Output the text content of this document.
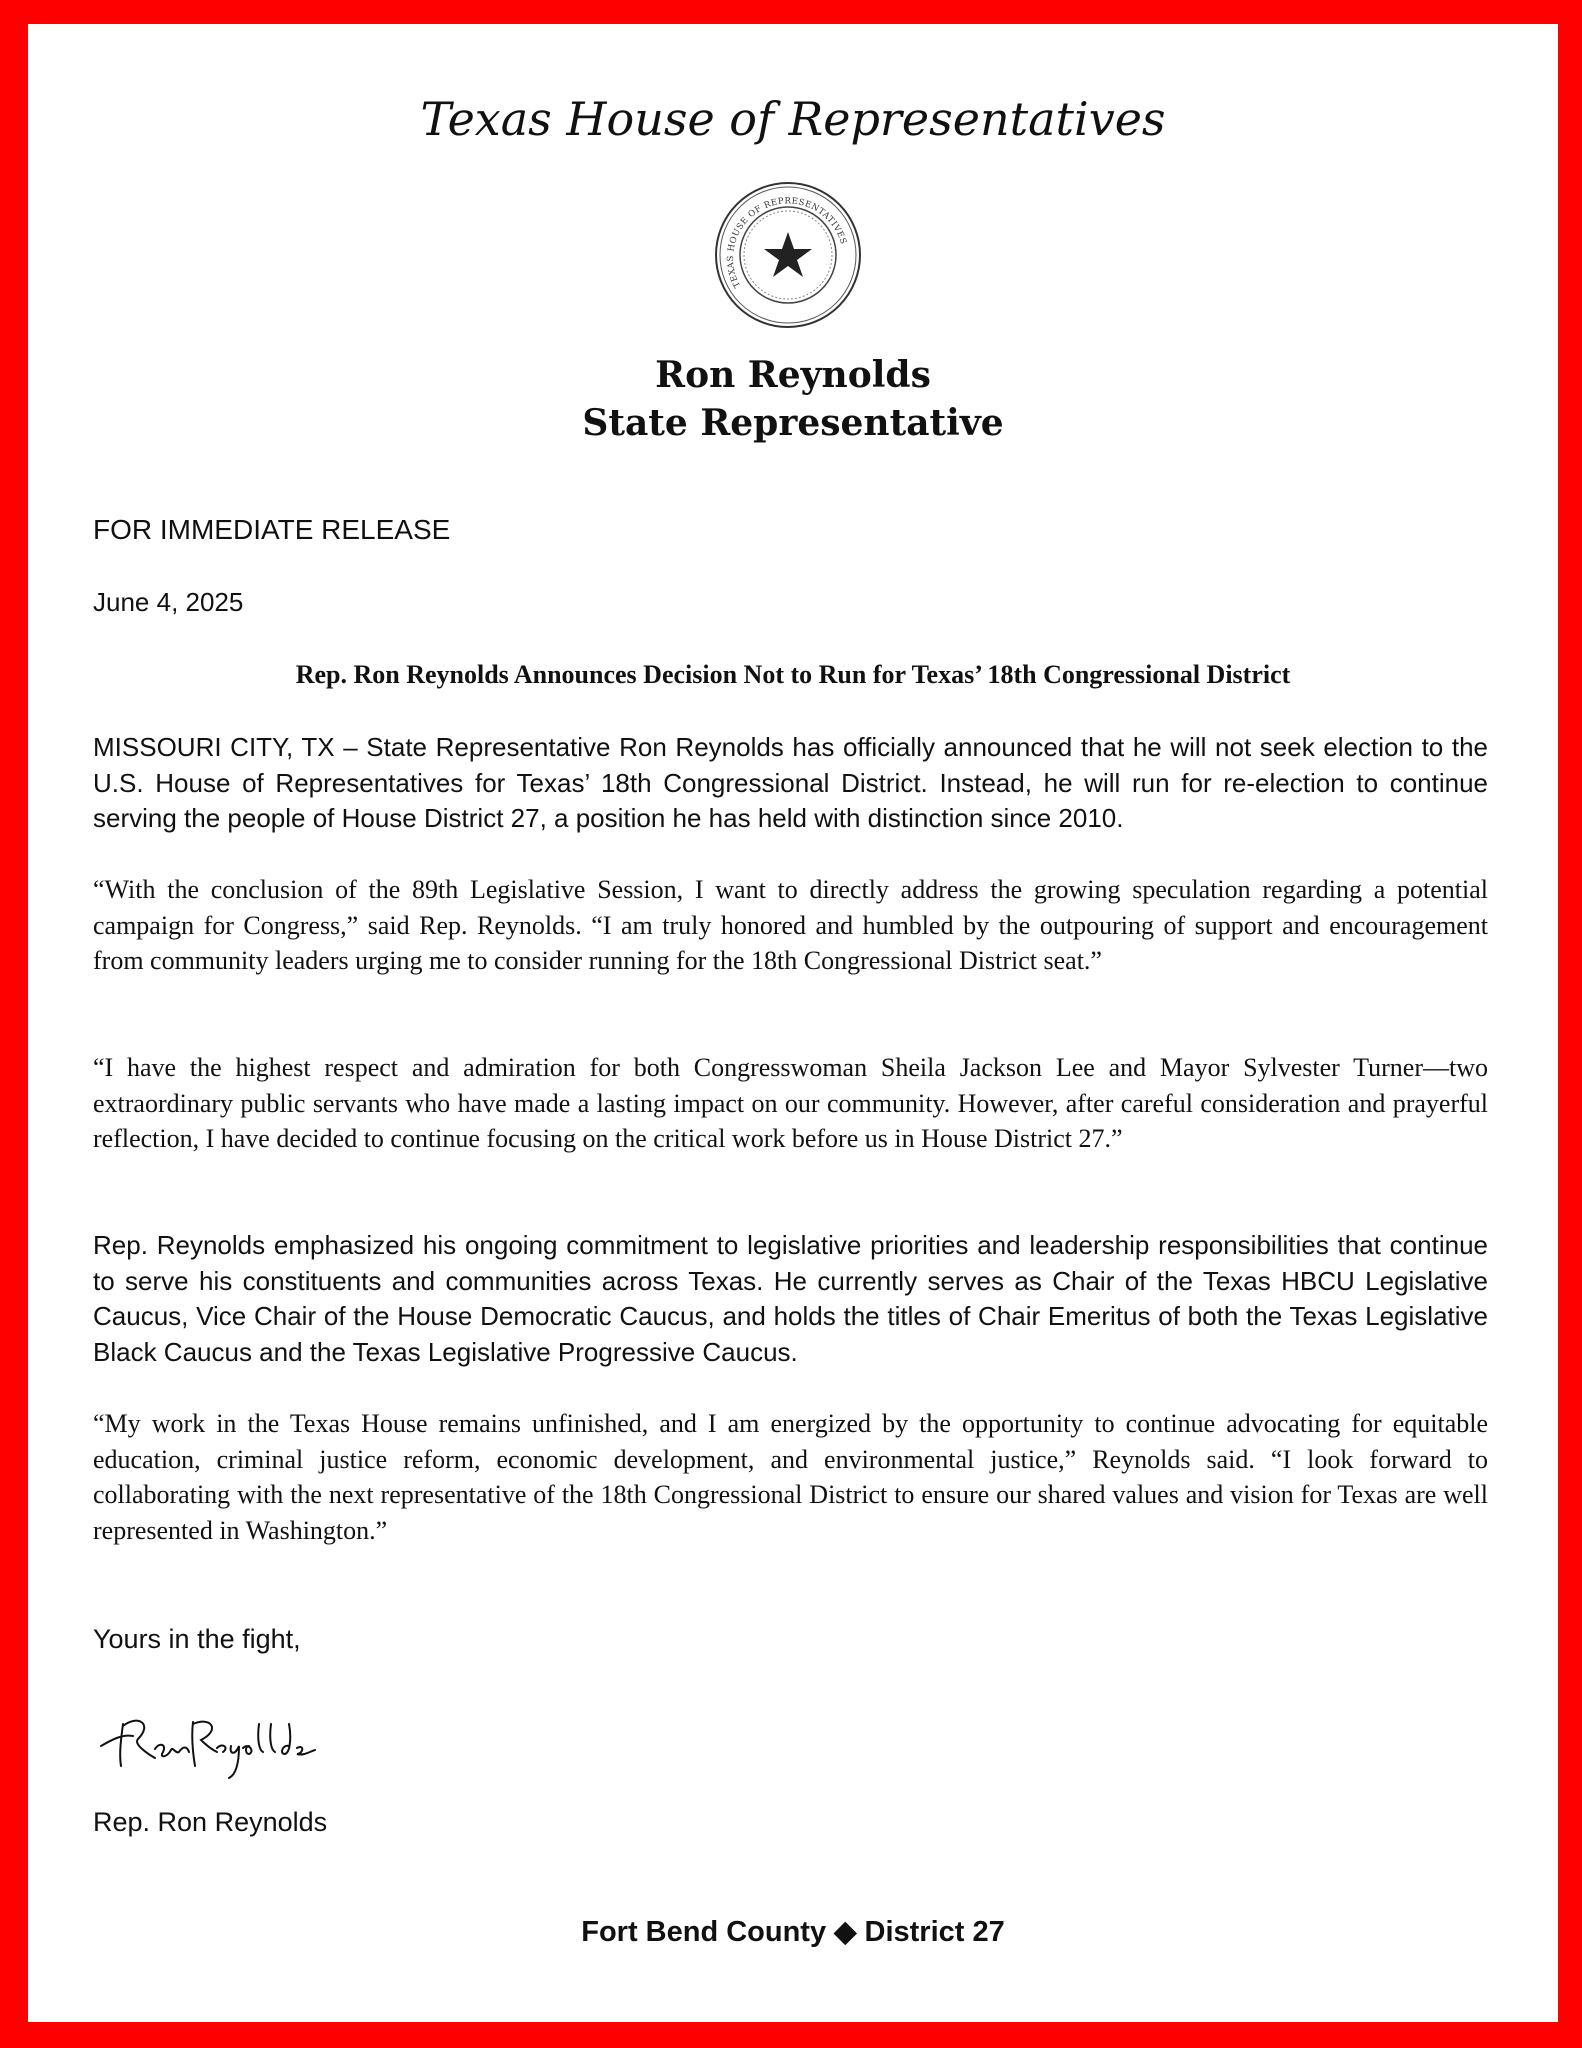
Texas House of Representatives
TEXAS HOUSE OF REPRESENTATIVES
Ron Reynolds
State Representative
FOR IMMEDIATE RELEASE
June 4, 2025
Rep. Ron Reynolds Announces Decision Not to Run for Texas’ 18th Congressional District

MISSOURI CITY, TX – State Representative Ron Reynolds has officially announced that he will not seek election to the U.S. House of Representatives for Texas’ 18th Congressional District. Instead, he will run for re-election to continue serving the people of House District 27, a position he has held with distinction since 2010.

“With the conclusion of the 89th Legislative Session, I want to directly address the growing speculation regarding a potential campaign for Congress,” said Rep. Reynolds. “I am truly honored and humbled by the outpouring of support and encouragement from community leaders urging me to consider running for the 18th Congressional District seat.”

“I have the highest respect and admiration for both Congresswoman Sheila Jackson Lee and Mayor Sylvester Turner—two extraordinary public servants who have made a lasting impact on our community. However, after careful consideration and prayerful reflection, I have decided to continue focusing on the critical work before us in House District 27.”

Rep. Reynolds emphasized his ongoing commitment to legislative priorities and leadership responsibilities that continue to serve his constituents and communities across Texas. He currently serves as Chair of the Texas HBCU Legislative Caucus, Vice Chair of the House Democratic Caucus, and holds the titles of Chair Emeritus of both the Texas Legislative Black Caucus and the Texas Legislative Progressive Caucus.

“My work in the Texas House remains unfinished, and I am energized by the opportunity to continue advocating for equitable education, criminal justice reform, economic development, and environmental justice,” Reynolds said. “I look forward to collaborating with the next representative of the 18th Congressional District to ensure our shared values and vision for Texas are well represented in Washington.”

Yours in the fight,
Rep. Ron Reynolds
Fort Bend County ◆ District 27
